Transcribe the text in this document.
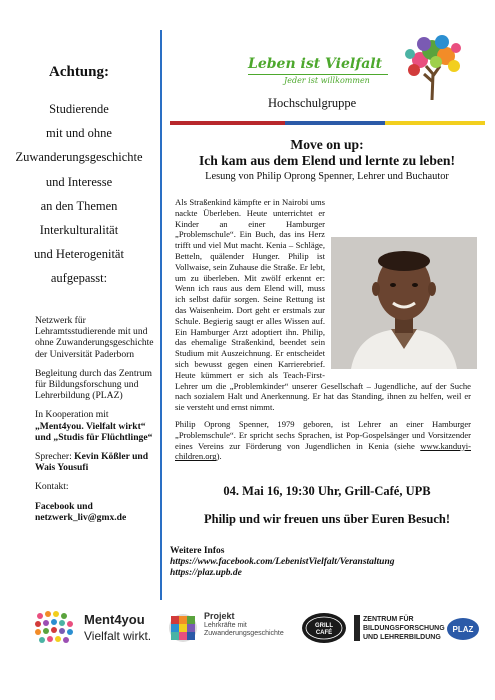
Achtung:
Studierende
mit und ohne
Zuwanderungsgeschichte
und Interesse
an den Themen
Interkulturalität
und Heterogenität
aufgepasst:

Netzwerk für Lehramtsstudierende mit und ohne Zuwanderungsgeschichte der Universität Paderborn

Begleitung durch das Zentrum für Bildungsforschung und Lehrerbildung (PLAZ)

In Kooperation mit
„Ment4you. Vielfalt wirkt“ und „Studis für Flüchtlinge“

Sprecher: Kevin Kößler und Wais Yousufi

Kontakt:

Facebook und netzwerk_liv@gmx.de

Leben ist Vielfalt
Jeder ist willkommen
Hochschulgruppe
Move on up:
Ich kam aus dem Elend und lernte zu leben!
Lesung von Philip Oprong Spenner, Lehrer und Buchautor

Als Straßenkind kämpfte er in Nairobi ums nackte Überleben. Heute unterrichtet er Kinder an einer Hamburger „Problemschule“. Ein Buch, das ins Herz trifft und viel Mut macht. Kenia – Schläge, Betteln, quälender Hunger. Philip ist Vollwaise, sein Zuhause die Straße. Er lebt, um zu überleben. Mit zwölf erkennt er: Wenn ich raus aus dem Elend will, muss ich selbst dafür sorgen. Seine Rettung ist das Waisenheim. Dort geht er erstmals zur Schule. Begierig saugt er alles Wissen auf. Ein Hamburger Arzt adoptiert ihn. Philip, das ehemalige Straßenkind, beendet sein Studium mit Auszeichnung. Er entscheidet sich bewusst gegen einen Karrierebrief. Heute kümmert er sich als Teach-First-Lehrer um die „Problemkinder“ unserer Gesellschaft – Jugendliche, auf der Suche nach sozialem Halt und Anerkennung. Er hat das Standing, ihnen zu helfen, weil er sie versteht und ernst nimmt.

Philip Oprong Spenner, 1979 geboren, ist Lehrer an einer Hamburger „Problemschule“. Er spricht sechs Sprachen, ist Pop-Gospelsänger und Vorsitzender eines Vereins zur Förderung von Jugendlichen in Kenia (siehe www.kanduyi-children.org).
04. Mai 16, 19:30 Uhr, Grill-Café, UPB
Philip und wir freuen uns über Euren Besuch!
Weitere Infos
https://www.facebook.com/LebenistVielfalt/Veranstaltung
https://plaz.upb.de
Ment4you
Vielfalt wirkt.
Projekt
Lehrkräfte mit
Zuwanderungsgeschichte
GRILL
CAFÉ
ZENTRUM FÜR
BILDUNGSFORSCHUNG
UND LEHRERBILDUNG
PLAZ
